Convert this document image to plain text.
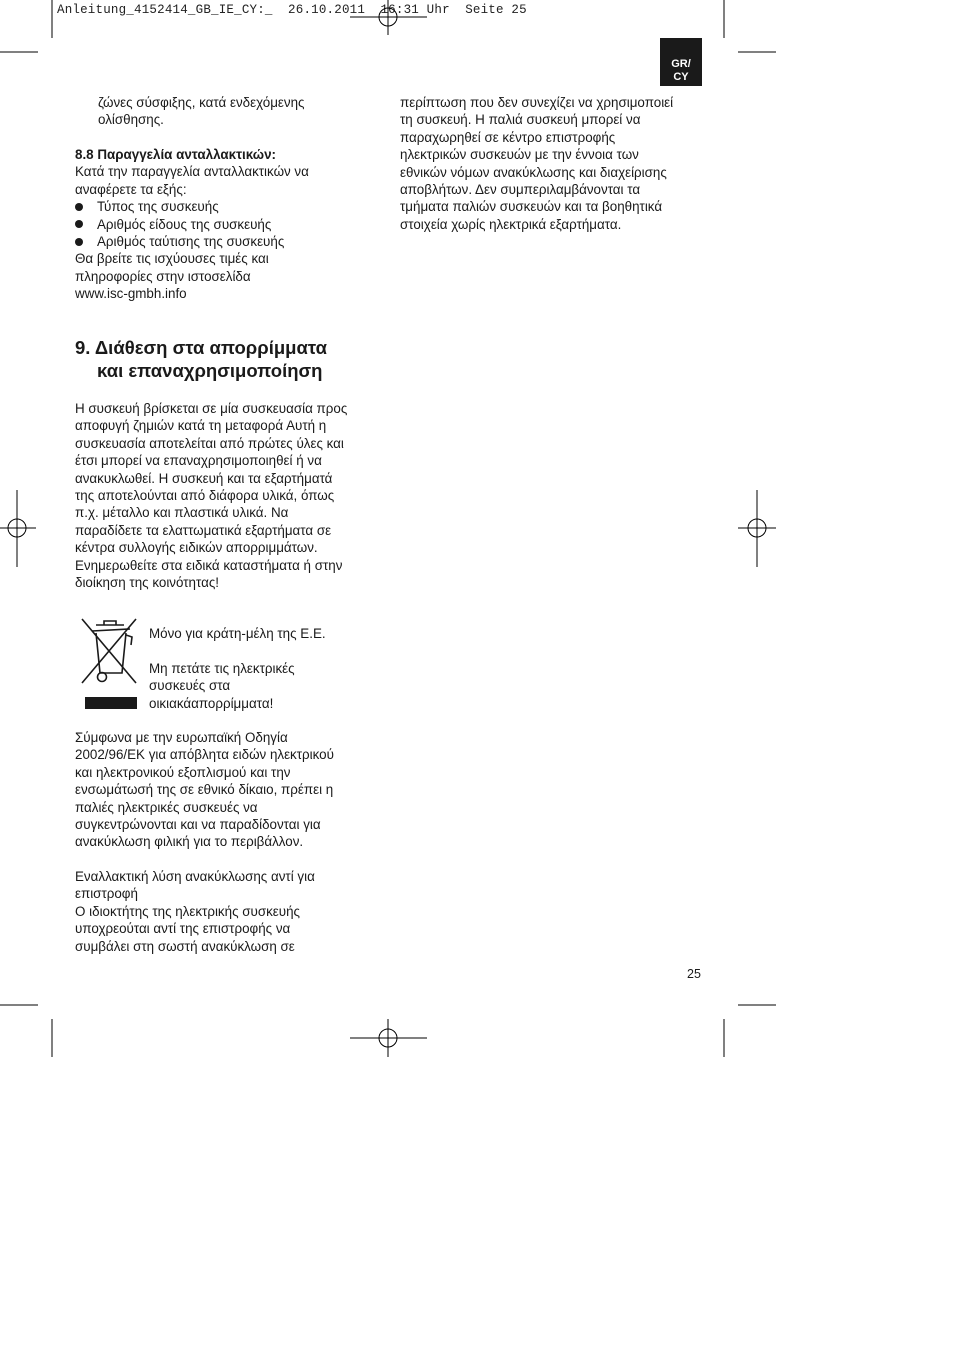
Anleitung_4152414_GB_IE_CY:_ 26.10.2011 16:31 Uhr Seite 25
GR/
CY

ζώνες σύσφιξης, κατά ενδεχόμενης

ολίσθησης.

8.8 Παραγγελία ανταλλακτικών:

Κατά την παραγγελία ανταλλακτικών να

αναφέρετε τα εξής:

Τύπος της συσκευής
Αριθμός είδους της συσκευής
Αριθμός ταύτισης της συσκευής

Θα βρείτε τις ισχύουσες τιμές και

πληροφορίες στην ιστοσελίδα

www.isc-gmbh.info

9. Διάθεση στα απορρίμματα

και επαναχρησιμοποίηση

Η συσκευή βρίσκεται σε μία συσκευασία προς

αποφυγή ζημιών κατά τη μεταφορά Αυτή η

συσκευασία αποτελείται από πρώτες ύλες και

έτσι μπορεί να επαναχρησιμοποιηθεί ή να

ανακυκλωθεί. Η συσκευή και τα εξαρτήματά

της αποτελούνται από διάφορα υλικά, όπως

π.χ. μέταλλο και πλαστικά υλικά. Να

παραδίδετε τα ελαττωματικά εξαρτήματα σε

κέντρα συλλογής ειδικών απορριμμάτων.

Ενημερωθείτε στα ειδικά καταστήματα ή στην

διοίκηση της κοινότητας!

Μόνο για κράτη-μέλη της Ε.Ε.

Μη πετάτε τις ηλεκτρικές

συσκευές στα

οικιακάαπορρίμματα!

Σύμφωνα με την ευρωπαϊκή Οδηγία

2002/96/ΕΚ για απόβλητα ειδών ηλεκτρικού

και ηλεκτρονικού εξοπλισμού και την

ενσωμάτωσή της σε εθνικό δίκαιο, πρέπει η

παλιές ηλεκτρικές συσκευές να

συγκεντρώνονται και να παραδίδονται για

ανακύκλωση φιλική για το περιβάλλον.

Εναλλακτική λύση ανακύκλωσης αντί για

επιστροφή

Ο ιδιοκτήτης της ηλεκτρικής συσκευής

υποχρεούται αντί της επιστροφής να

συμβάλει στη σωστή ανακύκλωση σε

περίπτωση που δεν συνεχίζει να χρησιμοποιεί

τη συσκευή. Η παλιά συσκευή μπορεί να

παραχωρηθεί σε κέντρο επιστροφής

ηλεκτρικών συσκευών με την έννοια των

εθνικών νόμων ανακύκλωσης και διαχείρισης

αποβλήτων. Δεν συμπεριλαμβάνονται τα

τμήματα παλιών συσκευών και τα βοηθητικά

στοιχεία χωρίς ηλεκτρικά εξαρτήματα.

25
